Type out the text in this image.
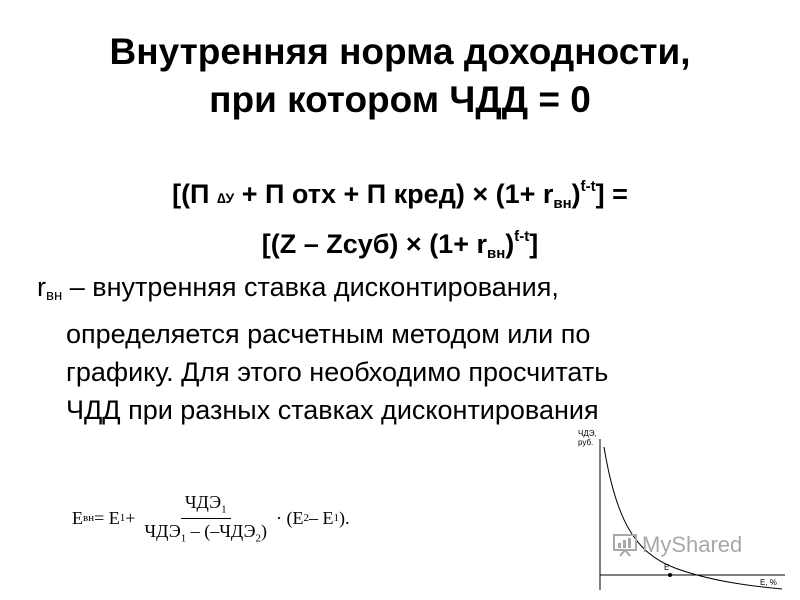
Внутренняя норма доходности,
при котором ЧДД = 0
[(П ∆У + П отх + П кред) × $(1+ r_{вн})^{ƭ-t}$] =
[(Z – Zсуб) × $(1+ r_{вн})^{ƭ-t}$]
$r_{вн}$ – внутренняя ставка дисконтирования,
определяется расчетным методом или по
графику. Для этого необходимо просчитать
ЧДД при разных ставках дисконтирования
E вн = E $1 + \frac{ЧДЭ_1}{ЧДЭ_1 - (-ЧДЭ_2)} \cdot (E$ 2 – E 1 ).
ЧДЭ,
руб.
E, %
E
MyShared
